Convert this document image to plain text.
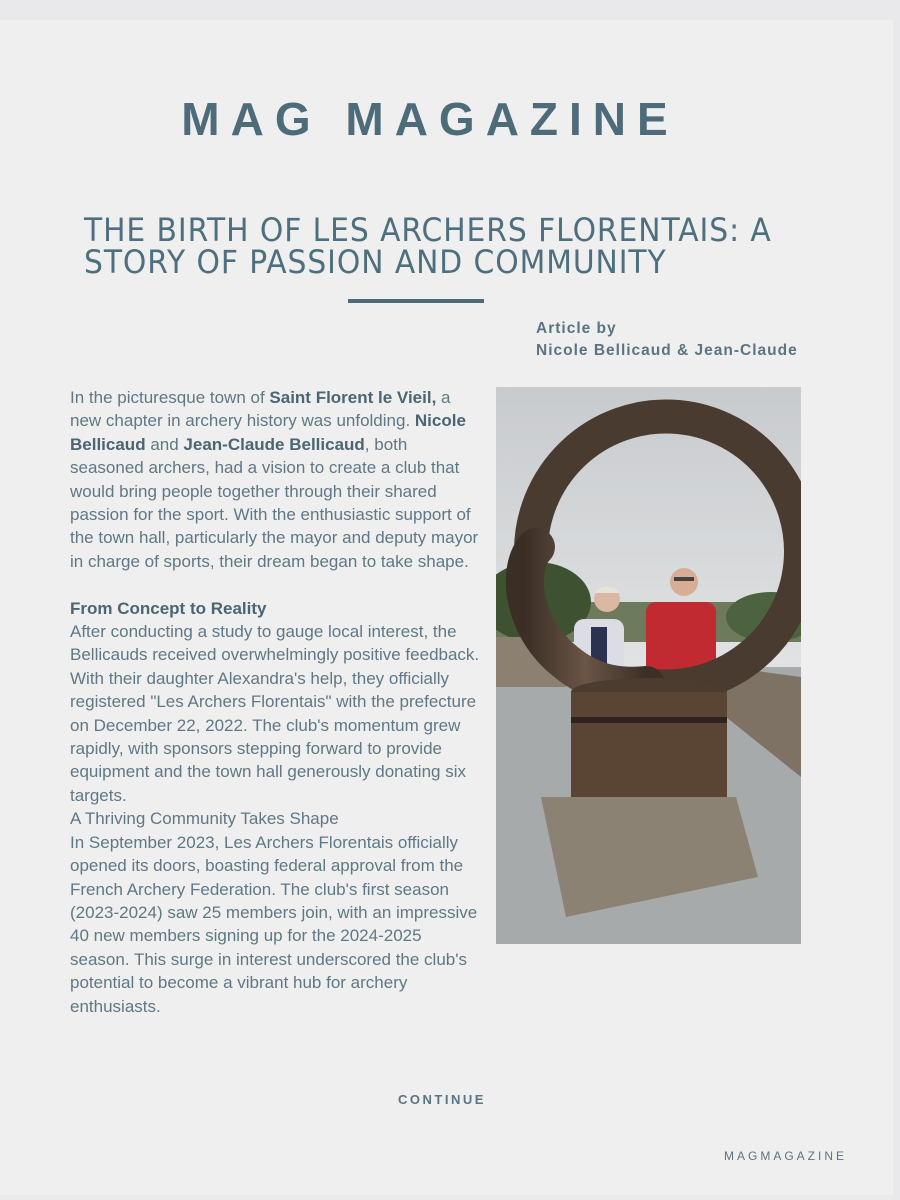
MAG MAGAZINE
THE BIRTH OF LES ARCHERS FLORENTAIS: A
STORY OF PASSION AND COMMUNITY
Article by
Nicole Bellicaud & Jean-Claude

In the picturesque town of Saint Florent le Vieil, a new chapter in archery history was unfolding. Nicole Bellicaud and Jean-Claude Bellicaud, both seasoned archers, had a vision to create a club that would bring people together through their shared passion for the sport. With the enthusiastic support of the town hall, particularly the mayor and deputy mayor in charge of sports, their dream began to take shape.

From Concept to Reality

After conducting a study to gauge local interest, the Bellicauds received overwhelmingly positive feedback. With their daughter Alexandra's help, they officially registered "Les Archers Florentais" with the prefecture on December 22, 2022. The club's momentum grew rapidly, with sponsors stepping forward to provide equipment and the town hall generously donating six targets.

A Thriving Community Takes Shape

In September 2023, Les Archers Florentais officially opened its doors, boasting federal approval from the French Archery Federation. The club's first season (2023-2024) saw 25 members join, with an impressive 40 new members signing up for the 2024-2025 season. This surge in interest underscored the club's potential to become a vibrant hub for archery enthusiasts.

CONTINUE
MAGMAGAZINE
